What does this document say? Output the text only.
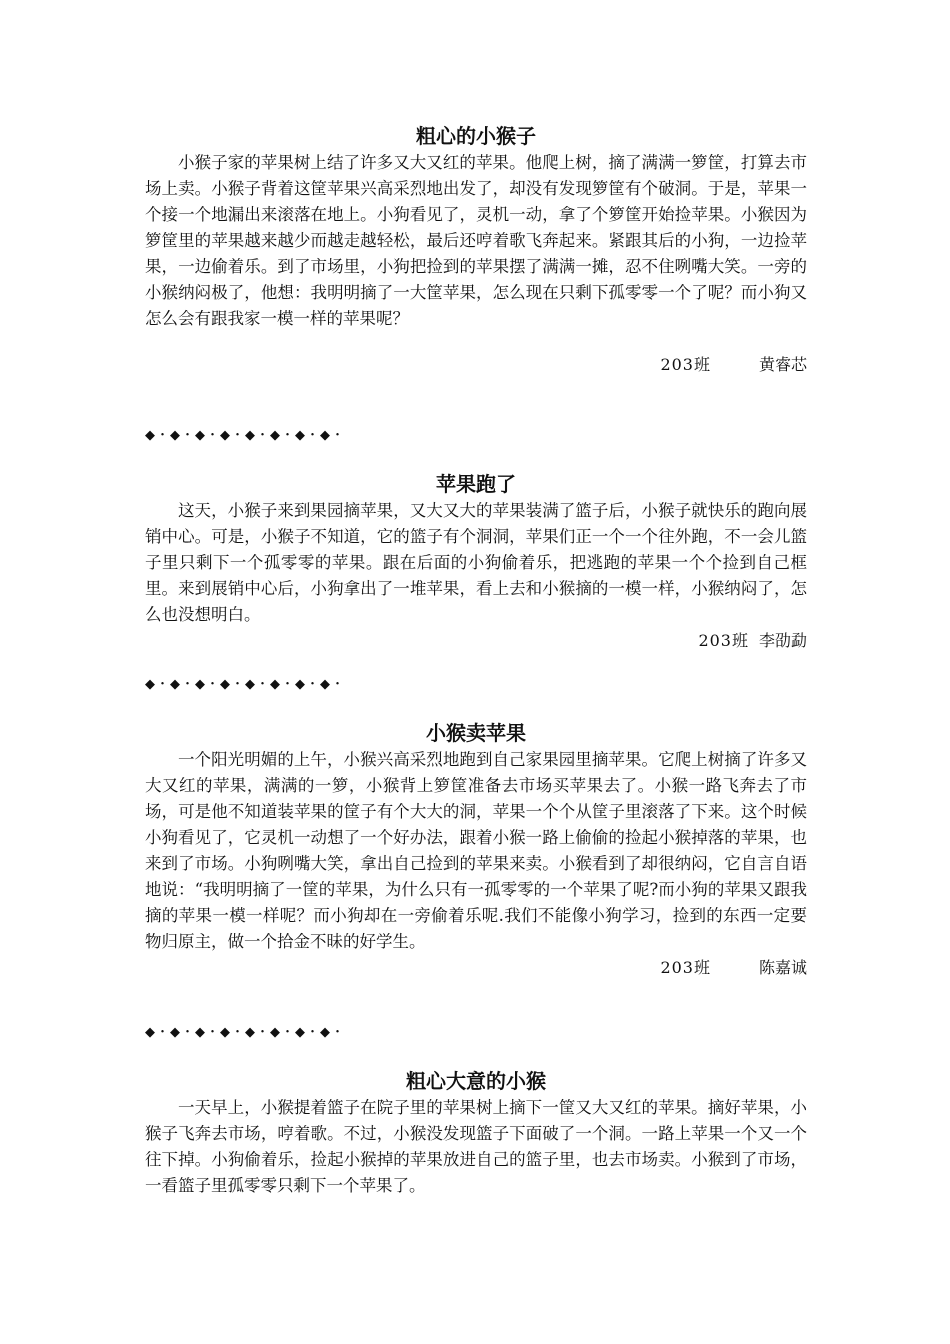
粗心的小猴子

小猴子家的苹果树上结了许多又大又红的苹果。他爬上树，摘了满满一箩筐，打算去市场上卖。小猴子背着这筐苹果兴高采烈地出发了，却没有发现箩筐有个破洞。于是，苹果一个接一个地漏出来滚落在地上。小狗看见了，灵机一动，拿了个箩筐开始捡苹果。小猴因为箩筐里的苹果越来越少而越走越轻松，最后还哼着歌飞奔起来。紧跟其后的小狗，一边捡苹果，一边偷着乐。到了市场里，小狗把捡到的苹果摆了满满一摊，忍不住咧嘴大笑。一旁的小猴纳闷极了，他想：我明明摘了一大筐苹果，怎么现在只剩下孤零零一个了呢？而小狗又怎么会有跟我家一模一样的苹果呢？

203班	黄睿芯

◆・◆・◆・◆・◆・◆・◆・◆・
苹果跑了

这天，小猴子来到果园摘苹果，又大又大的苹果装满了篮子后，小猴子就快乐的跑向展销中心。可是，小猴子不知道，它的篮子有个洞洞，苹果们正一个一个往外跑，不一会儿篮子里只剩下一个孤零零的苹果。跟在后面的小狗偷着乐，把逃跑的苹果一个个捡到自己框里。来到展销中心后，小狗拿出了一堆苹果，看上去和小猴摘的一模一样，小猴纳闷了，怎么也没想明白。

203班 李劭勐

◆・◆・◆・◆・◆・◆・◆・◆・
小猴卖苹果

一个阳光明媚的上午，小猴兴高采烈地跑到自己家果园里摘苹果。它爬上树摘了许多又大又红的苹果，满满的一箩，小猴背上箩筐准备去市场买苹果去了。小猴一路飞奔去了市场，可是他不知道装苹果的筐子有个大大的洞，苹果一个个从筐子里滚落了下来。这个时候小狗看见了，它灵机一动想了一个好办法，跟着小猴一路上偷偷的捡起小猴掉落的苹果，也来到了市场。小狗咧嘴大笑，拿出自己捡到的苹果来卖。小猴看到了却很纳闷，它自言自语地说：“我明明摘了一筐的苹果，为什么只有一孤零零的一个苹果了呢?而小狗的苹果又跟我摘的苹果一模一样呢？而小狗却在一旁偷着乐呢.我们不能像小狗学习，捡到的东西一定要物归原主，做一个拾金不昧的好学生。

203班	陈嘉诚

◆・◆・◆・◆・◆・◆・◆・◆・
粗心大意的小猴

一天早上，小猴提着篮子在院子里的苹果树上摘下一筐又大又红的苹果。摘好苹果，小猴子飞奔去市场，哼着歌。不过，小猴没发现篮子下面破了一个洞。一路上苹果一个又一个往下掉。小狗偷着乐，捡起小猴掉的苹果放进自己的篮子里，也去市场卖。小猴到了市场，一看篮子里孤零零只剩下一个苹果了。
